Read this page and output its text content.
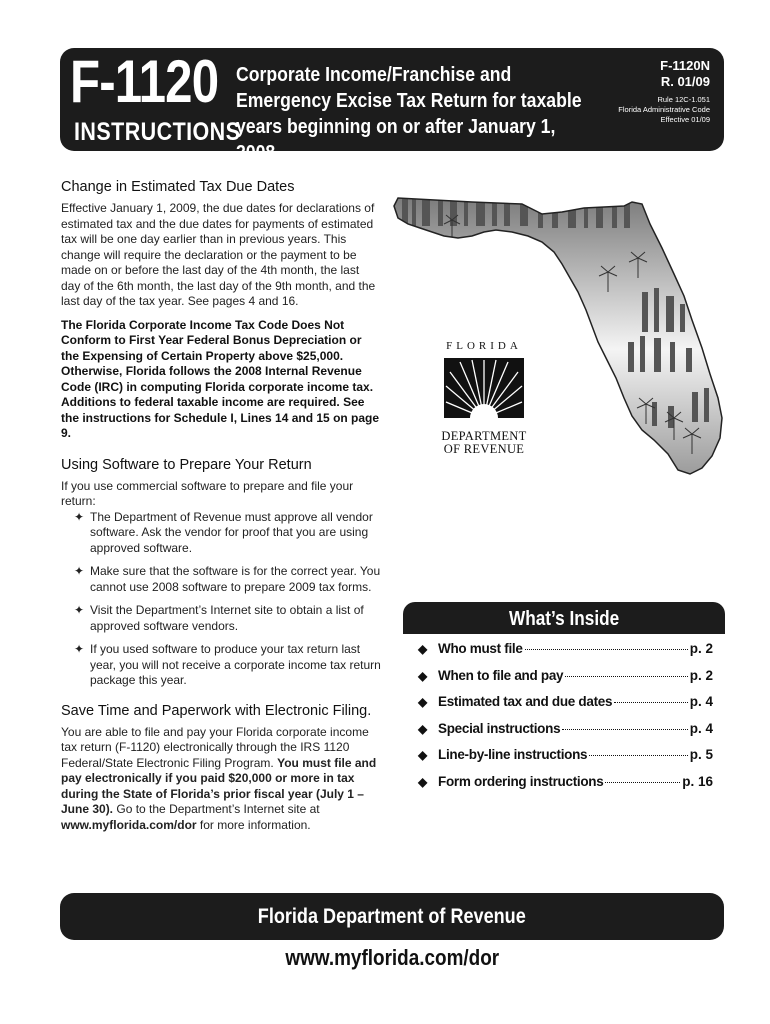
F-1120
INSTRUCTIONS
Corporate Income/Franchise and Emergency Excise Tax Return for taxable years beginning on or after January 1, 2008.
F-1120N
R. 01/09
Rule 12C-1.051
Florida Administrative Code
Effective 01/09
Change in Estimated Tax Due Dates

Effective January 1, 2009, the due dates for declarations of estimated tax and the due dates for payments of estimated tax will be one day earlier than in previous years. This change will require the declaration or the payment to be made on or before the last day of the 4th month, the last day of the 6th month, the last day of the 9th month, and the last day of the tax year. See pages 4 and 16.

The Florida Corporate Income Tax Code Does Not Conform to First Year Federal Bonus Depreciation or the Expensing of Certain Property above $25,000. Otherwise, Florida follows the 2008 Internal Revenue Code (IRC) in computing Florida corporate income tax. Additions to federal taxable income are required. See the instructions for Schedule I, Lines 14 and 15 on page 9.

Using Software to Prepare Your Return

If you use commercial software to prepare and file your return:

✦ The Department of Revenue must approve all vendor software. Ask the vendor for proof that you are using approved software.
✦ Make sure that the software is for the correct year. You cannot use 2008 software to prepare 2009 tax forms.
✦ Visit the Department’s Internet site to obtain a list of approved software vendors.
✦ If you used software to produce your tax return last year, you will not receive a corporate income tax return package this year.
Save Time and Paperwork with Electronic Filing.

You are able to file and pay your Florida corporate income tax return (F-1120) electronically through the IRS 1120 Federal/State Electronic Filing Program. You must file and pay electronically if you paid $20,000 or more in tax during the State of Florida’s prior fiscal year (July 1 – June 30). Go to the Department’s Internet site at www.myflorida.com/dor for more information.

FLORIDA
DEPARTMENT
OF REVENUE
What’s Inside
◆ Who must file	p. 2
◆ When to file and pay	p. 2
◆ Estimated tax and due dates	p. 4
◆ Special instructions	p. 4
◆ Line-by-line instructions	p. 5
◆ Form ordering instructions	p. 16
Florida Department of Revenue
www.myflorida.com/dor
